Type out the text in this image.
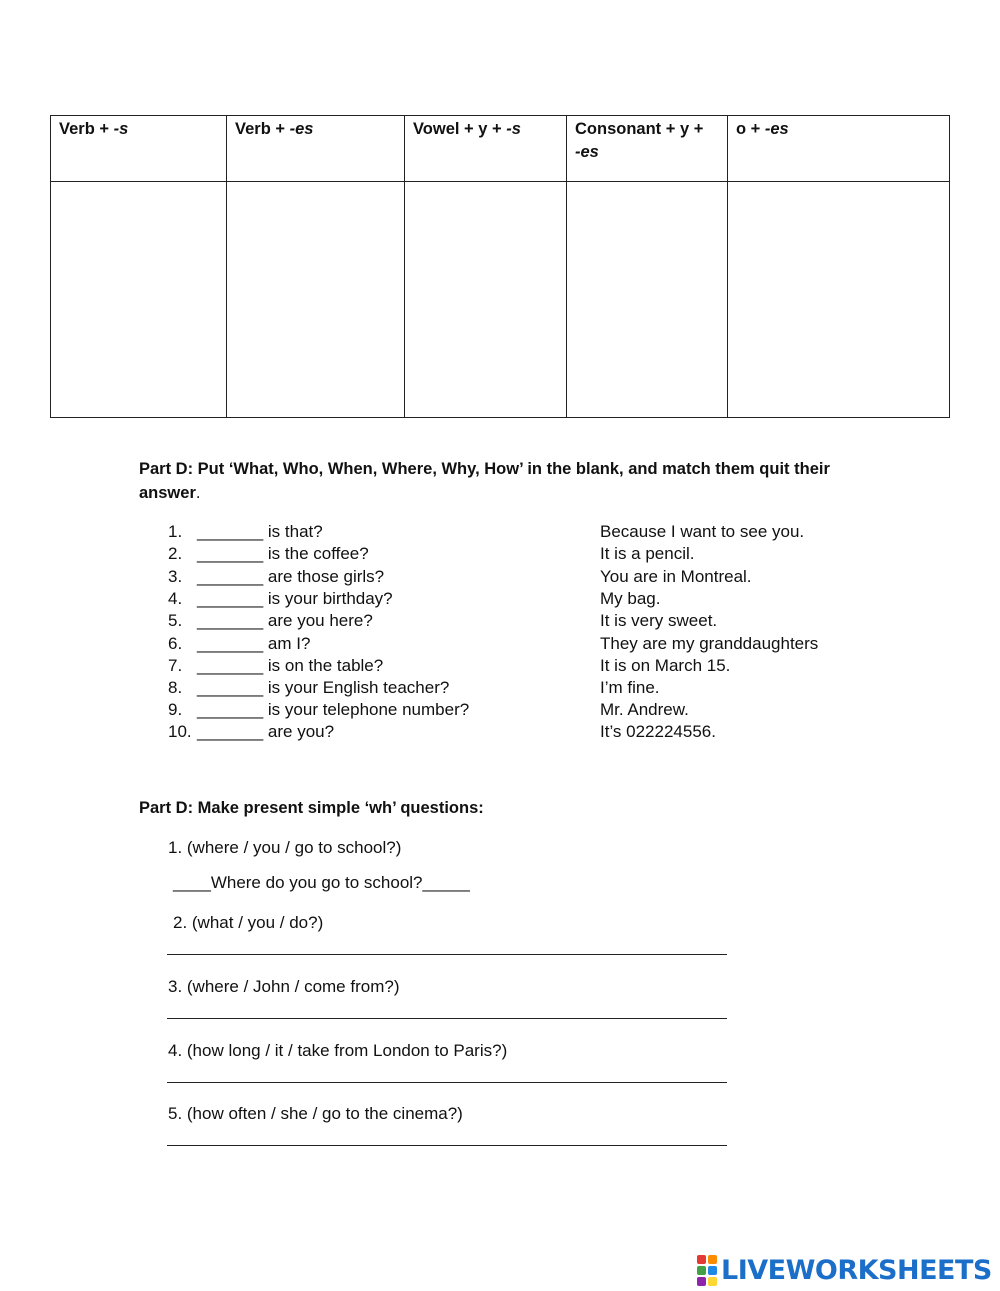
Verb + -s	Verb + -es	Vowel + y + -s	Consonant + y +
-es	o + -es

Part D: Put ‘What, Who, When, Where, Why, How’ in the blank, and match them quit their answer.
1. _______ is that?	Because I want to see you.
2. _______ is the coffee?	It is a pencil.
3. _______ are those girls?	You are in Montreal.
4. _______ is your birthday?	My bag.
5. _______ are you here?	It is very sweet.
6. _______ am I?	They are my granddaughters
7. _______ is on the table?	It is on March 15.
8. _______ is your English teacher?	I’m fine.
9. _______ is your telephone number?	Mr. Andrew.
10. _______ are you?	It’s 022224556.
Part D: Make present simple ‘wh’ questions:
1. (where / you / go to school?)
____Where do you go to school?_____
2. (what / you / do?)
3. (where / John / come from?)
4. (how long / it / take from London to Paris?)
5. (how often / she / go to the cinema?)
LIVEWORKSHEETS
